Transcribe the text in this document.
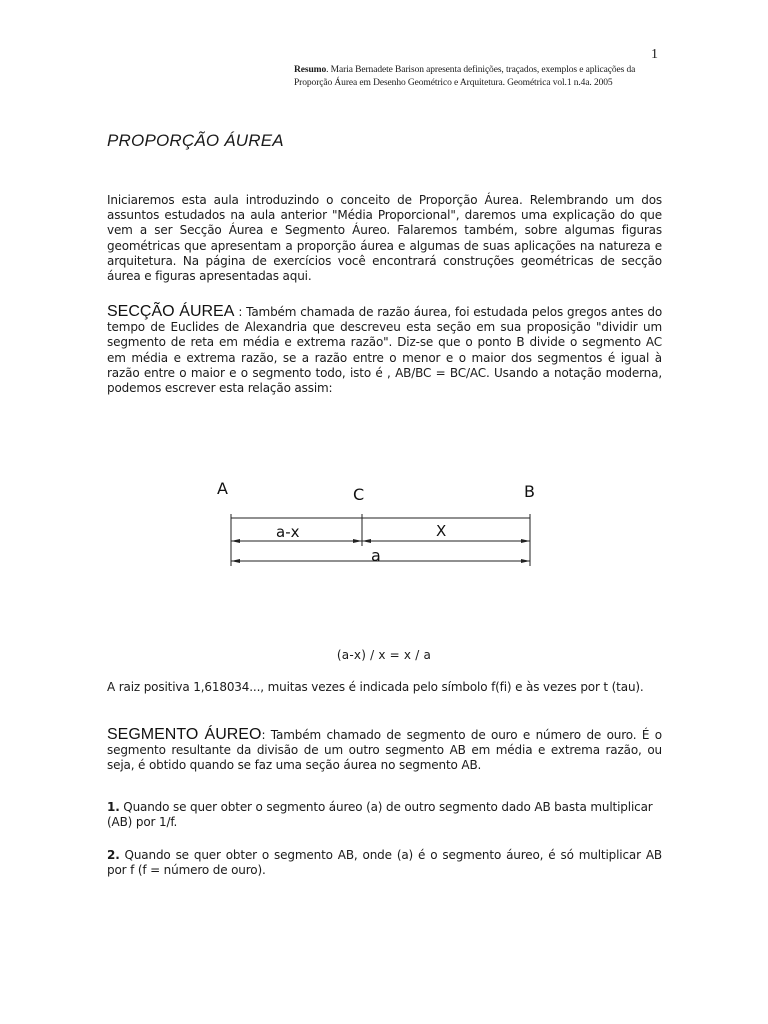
1
Resumo. Maria Bernadete Barison apresenta definições, traçados, exemplos e aplicações da Proporção Áurea em Desenho Geométrico e Arquitetura. Geométrica vol.1 n.4a. 2005
PROPORÇÃO ÁUREA

Iniciaremos esta aula introduzindo o conceito de Proporção Áurea. Relembrando um dos assuntos estudados na aula anterior "Média Proporcional", daremos uma explicação do que vem a ser Secção Áurea e Segmento Áureo. Falaremos também, sobre algumas figuras geométricas que apresentam a proporção áurea e algumas de suas aplicações na natureza e arquitetura. Na página de exercícios você encontrará construções geométricas de secção áurea e figuras apresentadas aqui.

SECÇÃO ÁUREA : Também chamada de razão áurea, foi estudada pelos gregos antes do tempo de Euclides de Alexandria que descreveu esta seção em sua proposição "dividir um segmento de reta em média e extrema razão". Diz-se que o ponto B divide o segmento AC em média e extrema razão, se a razão entre o menor e o maior dos segmentos é igual à razão entre o maior e o segmento todo, isto é , AB/BC = BC/AC. Usando a notação moderna, podemos escrever esta relação assim:

A	C	B
a-x	X
a
(a-x) / x = x / a

A raiz positiva 1,618034..., muitas vezes é indicada pelo símbolo f(fi) e às vezes por t (tau).

SEGMENTO ÁUREO: Também chamado de segmento de ouro e número de ouro. É o segmento resultante da divisão de um outro segmento AB em média e extrema razão, ou seja, é obtido quando se faz uma seção áurea no segmento AB.

1. Quando se quer obter o segmento áureo (a) de outro segmento dado AB basta multiplicar (AB) por 1/f.

2. Quando se quer obter o segmento AB, onde (a) é o segmento áureo, é só multiplicar AB por f (f = número de ouro).
